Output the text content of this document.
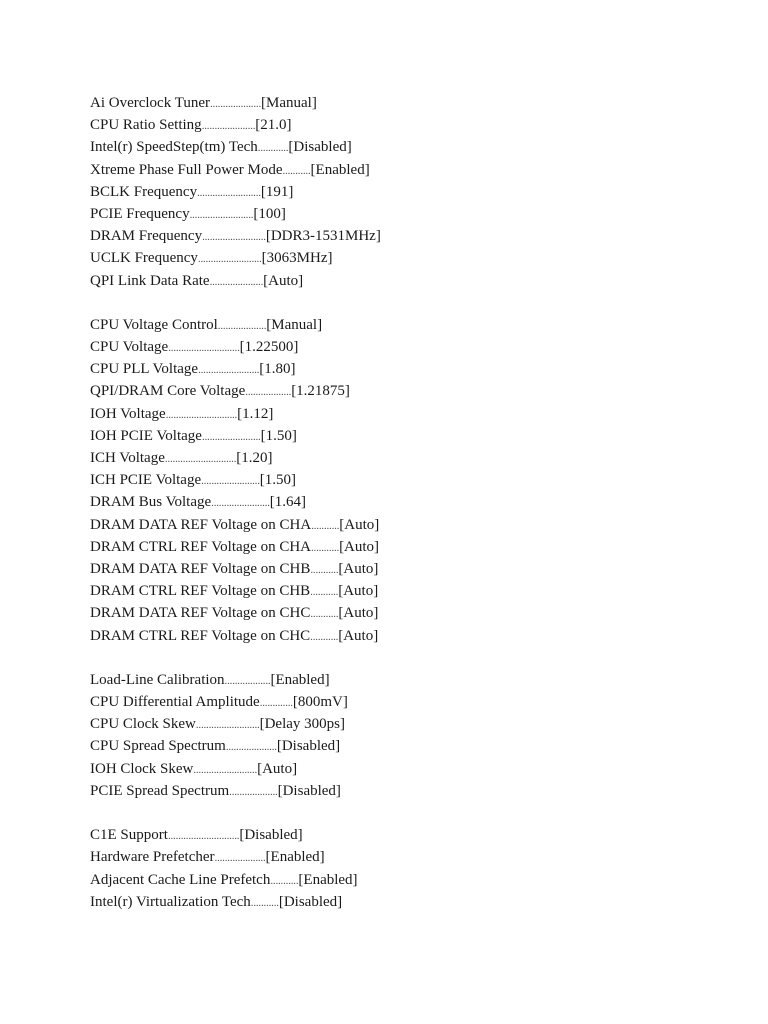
Ai Overclock Tuner....................[Manual]
CPU Ratio Setting.....................[21.0]
Intel(r) SpeedStep(tm) Tech............[Disabled]
Xtreme Phase Full Power Mode...........[Enabled]
BCLK Frequency.........................[191]
PCIE Frequency.........................[100]
DRAM Frequency.........................[DDR3-1531MHz]
UCLK Frequency.........................[3063MHz]
QPI Link Data Rate.....................[Auto]
CPU Voltage Control...................[Manual]
CPU Voltage............................[1.22500]
CPU PLL Voltage........................[1.80]
QPI/DRAM Core Voltage..................[1.21875]
IOH Voltage............................[1.12]
IOH PCIE Voltage.......................[1.50]
ICH Voltage............................[1.20]
ICH PCIE Voltage.......................[1.50]
DRAM Bus Voltage.......................[1.64]
DRAM DATA REF Voltage on CHA...........[Auto]
DRAM CTRL REF Voltage on CHA...........[Auto]
DRAM DATA REF Voltage on CHB...........[Auto]
DRAM CTRL REF Voltage on CHB...........[Auto]
DRAM DATA REF Voltage on CHC...........[Auto]
DRAM CTRL REF Voltage on CHC...........[Auto]
Load-Line Calibration..................[Enabled]
CPU Differential Amplitude.............[800mV]
CPU Clock Skew.........................[Delay 300ps]
CPU Spread Spectrum....................[Disabled]
IOH Clock Skew.........................[Auto]
PCIE Spread Spectrum...................[Disabled]
C1E Support............................[Disabled]
Hardware Prefetcher....................[Enabled]
Adjacent Cache Line Prefetch...........[Enabled]
Intel(r) Virtualization Tech...........[Disabled]
